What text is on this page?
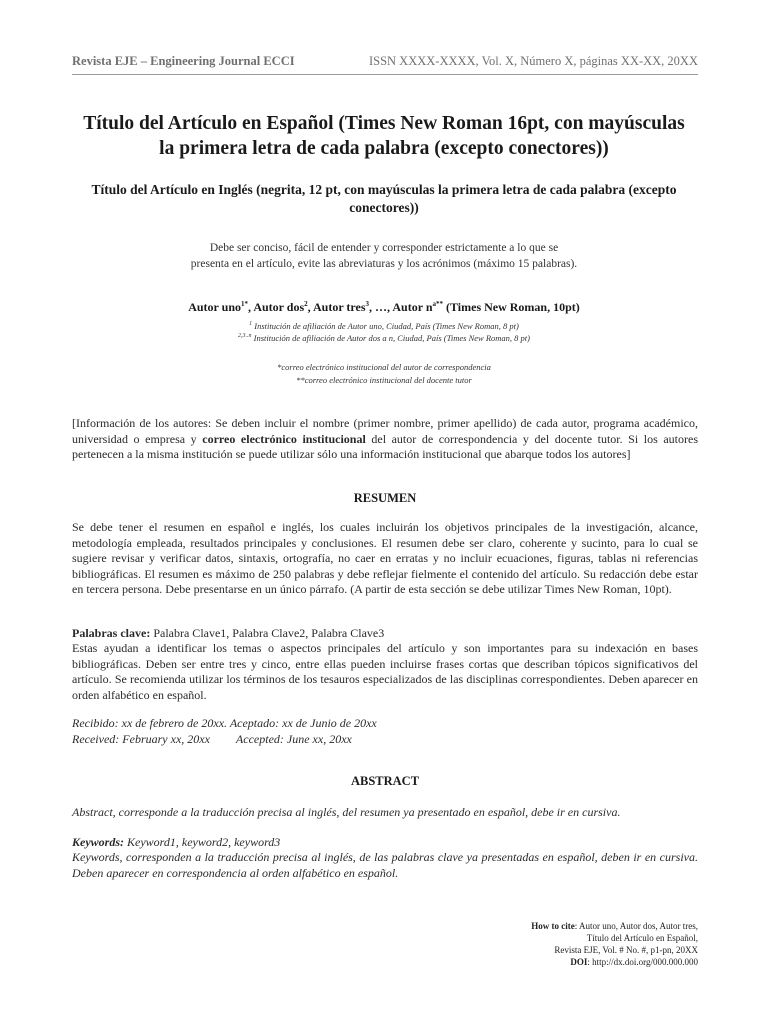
Revista EJE – Engineering Journal ECCI	ISSN XXXX-XXXX, Vol. X, Número X, páginas XX-XX, 20XX
Título del Artículo en Español (Times New Roman 16pt, con mayúsculas la primera letra de cada palabra (excepto conectores))
Título del Artículo en Inglés (negrita, 12 pt, con mayúsculas la primera letra de cada palabra (excepto conectores))
Debe ser conciso, fácil de entender y corresponder estrictamente a lo que se
presenta en el artículo, evite las abreviaturas y los acrónimos (máximo 15 palabras).
Autor uno$^{1*}$, Autor dos$^2$, Autor tres$^3$, …, Autor $n^{a**}$ (Times New Roman, 10pt)
$^1$ Institución de afiliación de Autor uno, Ciudad, País (Times New Roman, 8 pt)
$^{2,3..n}$ Institución de afiliación de Autor dos a n, Ciudad, País (Times New Roman, 8 pt)
*correo electrónico institucional del autor de correspondencia
**correo electrónico institucional del docente tutor
[Información de los autores: Se deben incluir el nombre (primer nombre, primer apellido) de cada autor, programa académico, universidad o empresa y correo electrónico institucional del autor de correspondencia y del docente tutor. Si los autores pertenecen a la misma institución se puede utilizar sólo una información institucional que abarque todos los autores]
RESUMEN
Se debe tener el resumen en español e inglés, los cuales incluirán los objetivos principales de la investigación, alcance, metodología empleada, resultados principales y conclusiones. El resumen debe ser claro, coherente y sucinto, para lo cual se sugiere revisar y verificar datos, sintaxis, ortografía, no caer en erratas y no incluir ecuaciones, figuras, tablas ni referencias bibliográficas. El resumen es máximo de 250 palabras y debe reflejar fielmente el contenido del artículo. Su redacción debe estar en tercera persona. Debe presentarse en un único párrafo. (A partir de esta sección se debe utilizar Times New Roman, 10pt).
Palabras clave: Palabra Clave1, Palabra Clave2, Palabra Clave3
Estas ayudan a identificar los temas o aspectos principales del artículo y son importantes para su indexación en bases bibliográficas. Deben ser entre tres y cinco, entre ellas pueden incluirse frases cortas que describan tópicos significativos del artículo. Se recomienda utilizar los términos de los tesauros especializados de las disciplinas correspondientes. Deben aparecer en orden alfabético en español.
Recibido: xx de febrero de 20xx. Aceptado: xx de Junio de 20xx
Received: February xx, 20xx Accepted: June xx, 20xx
ABSTRACT
Abstract, corresponde a la traducción precisa al inglés, del resumen ya presentado en español, debe ir en cursiva.
Keywords: Keyword1, keyword2, keyword3
Keywords, corresponden a la traducción precisa al inglés, de las palabras clave ya presentadas en español, deben ir en cursiva. Deben aparecer en correspondencia al orden alfabético en español.
How to cite: Autor uno, Autor dos, Autor tres,
Título del Artículo en Español,
Revista EJE, Vol. # No. #, p1-pn, 20XX
DOI: http://dx.doi.org/000.000.000
